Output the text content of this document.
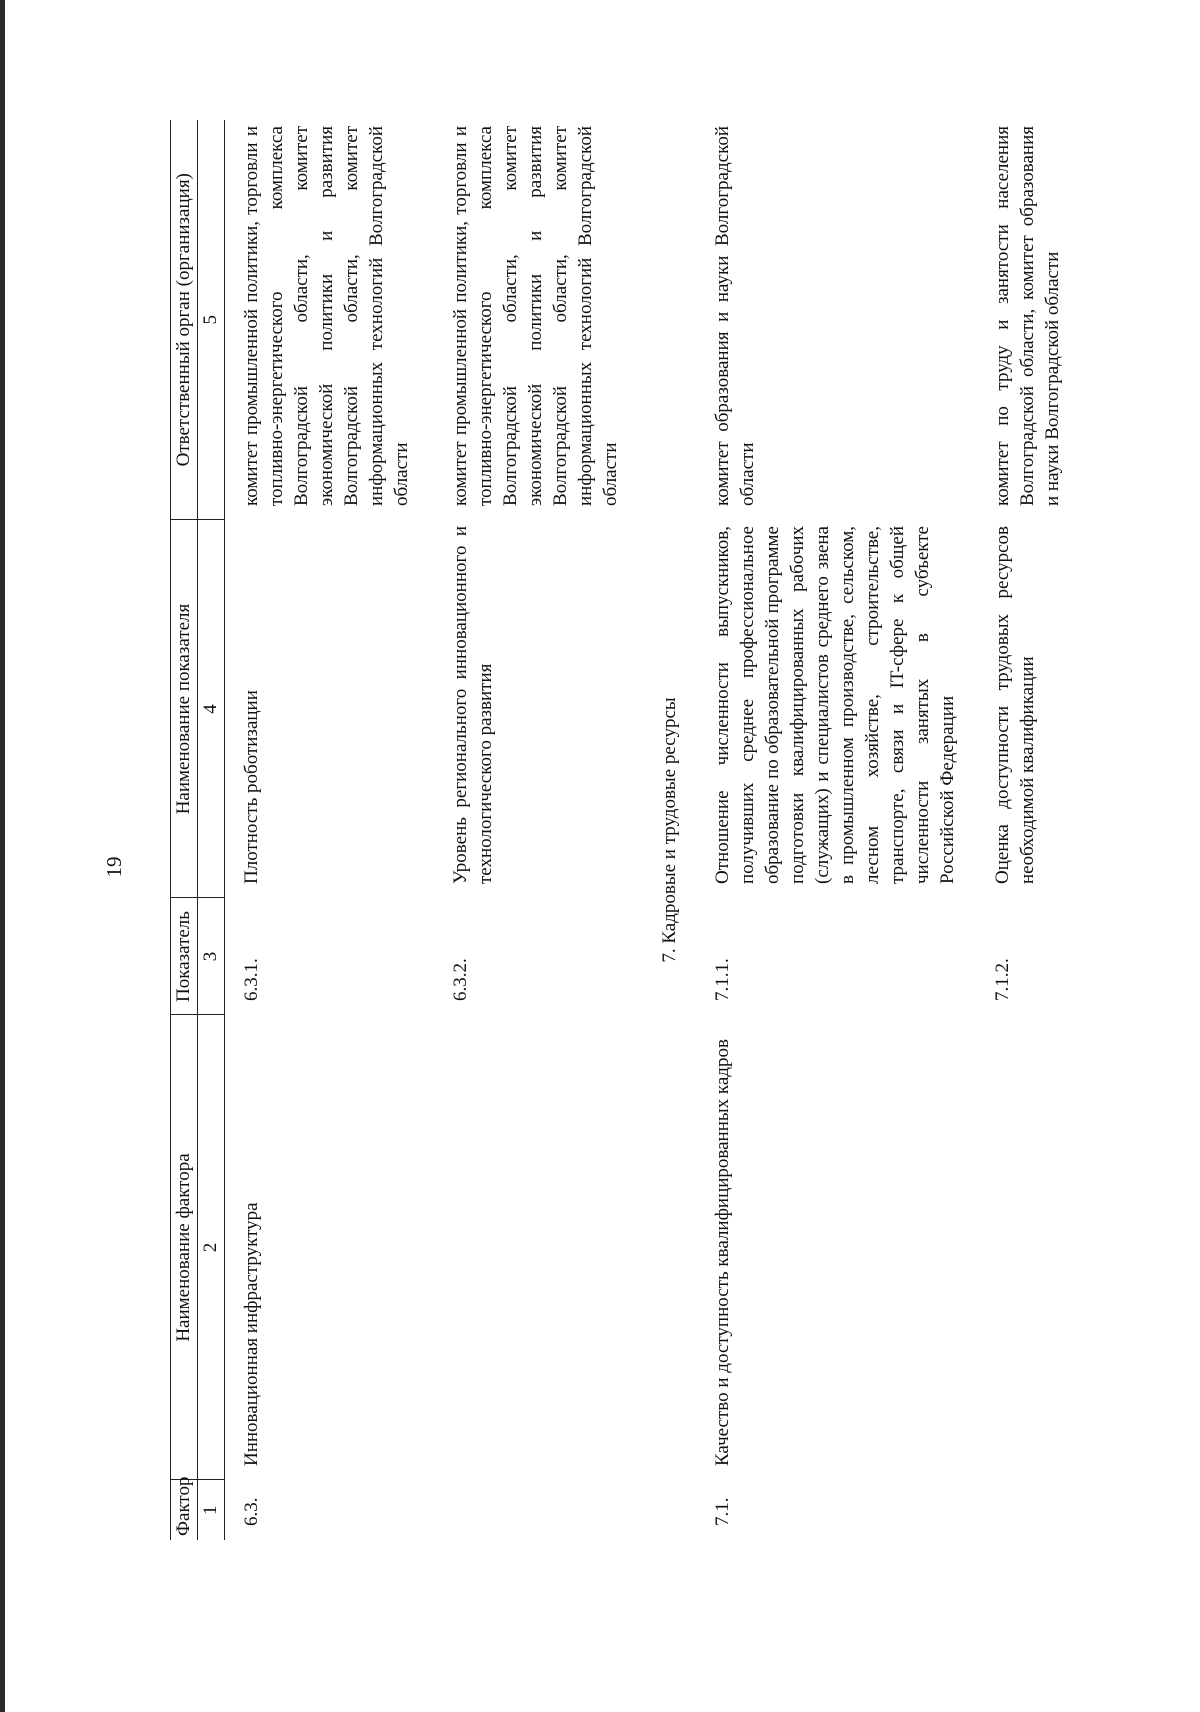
19
Фактор	Наименование фактора	Показатель	Наименование показателя	Ответственный орган (организация)
1	2	3	4	5
6.3.	Инновационная инфраструктура	6.3.1.	Плотность роботизации	комитет промышленной политики, торговли и топливно-энергетического комплекса Волгоградской области, комитет экономической политики и развития Волгоградской области, комитет информационных технологий Волгоградской области
		6.3.2.	Уровень регионального инновационного и технологического развития	комитет промышленной политики, торговли и топливно-энергетического комплекса Волгоградской области, комитет экономической политики и развития Волгоградской области, комитет информационных технологий Волгоградской области
7. Кадровые и трудовые ресурсы				
7.1.	Качество и доступность квалифицированных кадров	7.1.1.	Отношение численности выпускников, получивших среднее профессиональное образование по образовательной программе подготовки квалифицированных рабочих (служащих) и специалистов среднего звена в промышленном производстве, сельском, лесном хозяйстве, строительстве, транспорте, связи и IT-сфере к общей численности занятых в субъекте Российской Федерации	комитет образования и науки Волгоградской области
		7.1.2.	Оценка доступности трудовых ресурсов необходимой квалификации	комитет по труду и занятости населения Волгоградской области, комитет образования и науки Волгоградской области
